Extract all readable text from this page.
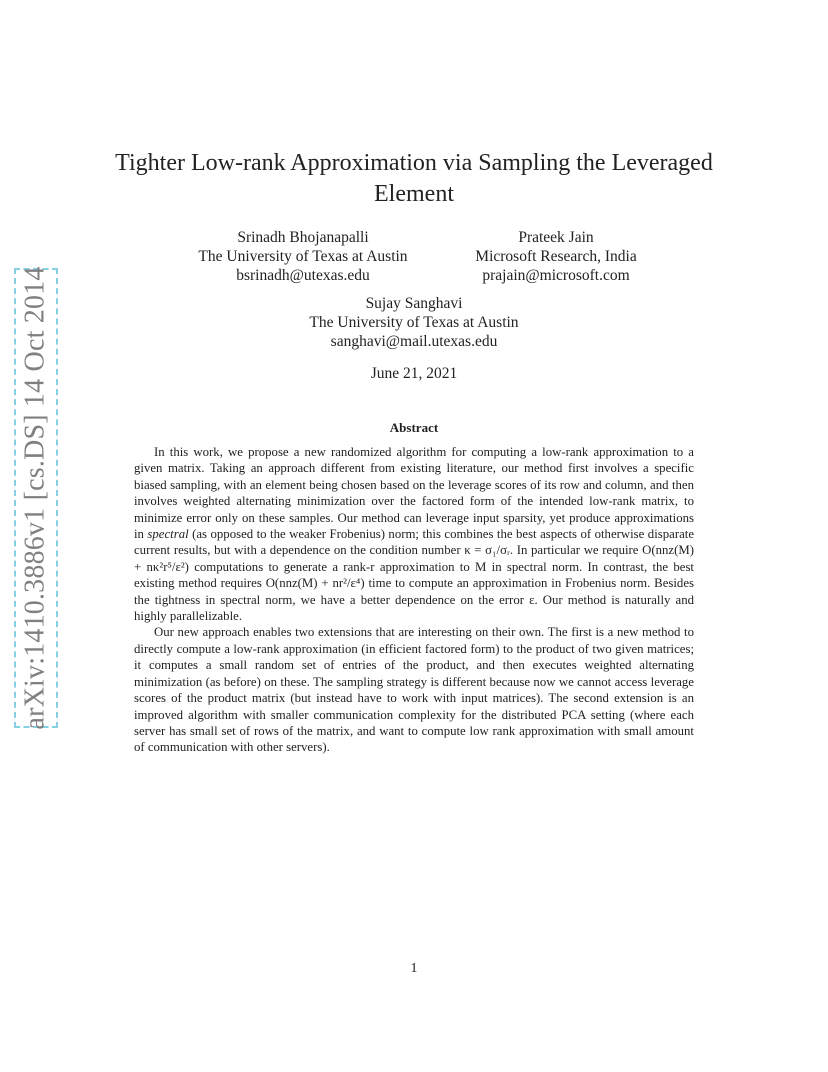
arXiv:1410.3886v1 [cs.DS] 14 Oct 2014
Tighter Low-rank Approximation via Sampling the Leveraged Element
Srinadh Bhojanapalli
The University of Texas at Austin
bsrinadh@utexas.edu
Prateek Jain
Microsoft Research, India
prajain@microsoft.com
Sujay Sanghavi
The University of Texas at Austin
sanghavi@mail.utexas.edu
June 21, 2021
Abstract

In this work, we propose a new randomized algorithm for computing a low-rank approximation to a given matrix. Taking an approach different from existing literature, our method first involves a specific biased sampling, with an element being chosen based on the leverage scores of its row and column, and then involves weighted alternating minimization over the factored form of the intended low-rank matrix, to minimize error only on these samples. Our method can leverage input sparsity, yet produce approximations in spectral (as opposed to the weaker Frobenius) norm; this combines the best aspects of otherwise disparate current results, but with a dependence on the condition number κ = σ₁/σᵣ. In particular we require O(nnz(M) + nκ²r⁵/ε²) computations to generate a rank-r approximation to M in spectral norm. In contrast, the best existing method requires O(nnz(M) + nr²/ε⁴) time to compute an approximation in Frobenius norm. Besides the tightness in spectral norm, we have a better dependence on the error ε. Our method is naturally and highly parallelizable.

Our new approach enables two extensions that are interesting on their own. The first is a new method to directly compute a low-rank approximation (in efficient factored form) to the product of two given matrices; it computes a small random set of entries of the product, and then executes weighted alternating minimization (as before) on these. The sampling strategy is different because now we cannot access leverage scores of the product matrix (but instead have to work with input matrices). The second extension is an improved algorithm with smaller communication complexity for the distributed PCA setting (where each server has small set of rows of the matrix, and want to compute low rank approximation with small amount of communication with other servers).

1
